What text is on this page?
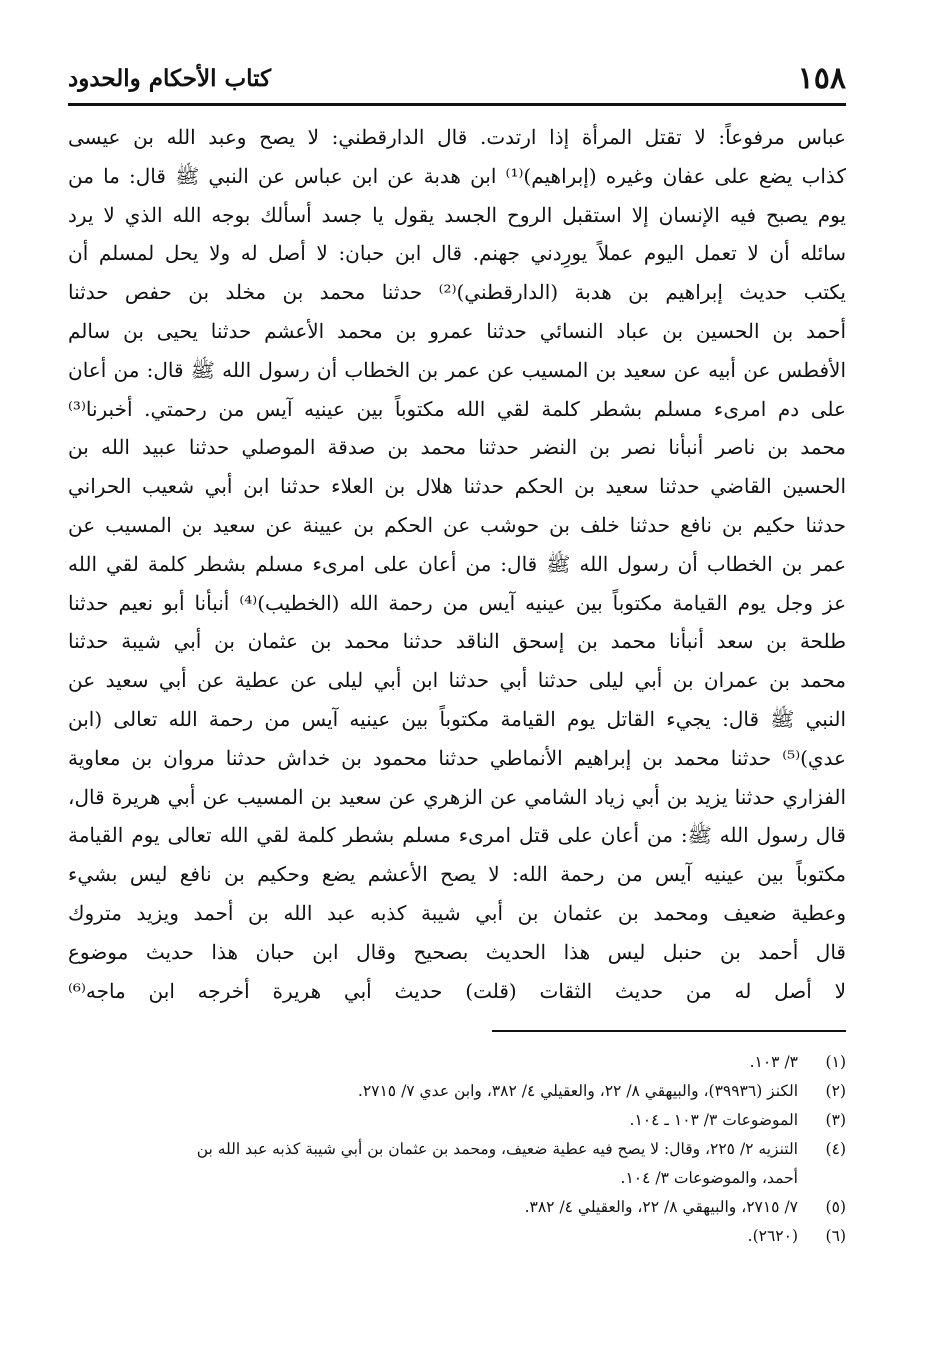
١٥٨
كتاب الأحكام والحدود
عباس مرفوعاً: لا تقتل المرأة إذا ارتدت. قال الدارقطني: لا يصح وعبد الله بن عيسى
كذاب يضع على عفان وغيره (إبراهيم)⁽¹⁾ ابن هدبة عن ابن عباس عن النبي ﷺ قال: ما من
يوم يصبح فيه الإنسان إلا استقبل الروح الجسد يقول يا جسد أسألك بوجه الله الذي لا يرد
سائله أن لا تعمل اليوم عملاً يورِدني جهنم. قال ابن حبان: لا أصل له ولا يحل لمسلم أن
يكتب حديث إبراهيم بن هدبة (الدارقطني)⁽²⁾ حدثنا محمد بن مخلد بن حفص حدثنا
أحمد بن الحسين بن عباد النسائي حدثنا عمرو بن محمد الأعشم حدثنا يحيى بن سالم
الأفطس عن أبيه عن سعيد بن المسيب عن عمر بن الخطاب أن رسول الله ﷺ قال: من أعان
على دم امرىء مسلم بشطر كلمة لقي الله مكتوباً بين عينيه آيس من رحمتي. أخبرنا⁽³⁾
محمد بن ناصر أنبأنا نصر بن النضر حدثنا محمد بن صدقة الموصلي حدثنا عبيد الله بن
الحسين القاضي حدثنا سعيد بن الحكم حدثنا هلال بن العلاء حدثنا ابن أبي شعيب الحراني
حدثنا حكيم بن نافع حدثنا خلف بن حوشب عن الحكم بن عيينة عن سعيد بن المسيب عن
عمر بن الخطاب أن رسول الله ﷺ قال: من أعان على امرىء مسلم بشطر كلمة لقي الله
عز وجل يوم القيامة مكتوباً بين عينيه آيس من رحمة الله (الخطيب)⁽⁴⁾ أنبأنا أبو نعيم حدثنا
طلحة بن سعد أنبأنا محمد بن إسحق الناقد حدثنا محمد بن عثمان بن أبي شيبة حدثنا
محمد بن عمران بن أبي ليلى حدثنا أبي حدثنا ابن أبي ليلى عن عطية عن أبي سعيد عن
النبي ﷺ قال: يجيء القاتل يوم القيامة مكتوباً بين عينيه آيس من رحمة الله تعالى (ابن
عدي)⁽⁵⁾ حدثنا محمد بن إبراهيم الأنماطي حدثنا محمود بن خداش حدثنا مروان بن معاوية
الفزاري حدثنا يزيد بن أبي زياد الشامي عن الزهري عن سعيد بن المسيب عن أبي هريرة قال،
قال رسول الله ﷺ: من أعان على قتل امرىء مسلم بشطر كلمة لقي الله تعالى يوم القيامة
مكتوباً بين عينيه آيس من رحمة الله: لا يصح الأعشم يضع وحكيم بن نافع ليس بشيء
وعطية ضعيف ومحمد بن عثمان بن أبي شيبة كذبه عبد الله بن أحمد ويزيد متروك
قال أحمد بن حنبل ليس هذا الحديث بصحيح وقال ابن حبان هذا حديث موضوع
لا أصل له من حديث الثقات (قلت) حديث أبي هريرة أخرجه ابن ماجه⁽⁶⁾
(١)
٣/ ١٠٣.
(٢)
الكنز (٣٩٩٣٦)، والبيهقي ٨/ ٢٢، والعقيلي ٤/ ٣٨٢، وابن عدي ٧/ ٢٧١٥.
(٣)
الموضوعات ٣/ ١٠٣ ـ ١٠٤.
(٤)
التنزيه ٢/ ٢٢٥، وقال: لا يصح فيه عطية ضعيف، ومحمد بن عثمان بن أبي شيبة كذبه عبد الله بن
أحمد، والموضوعات ٣/ ١٠٤.
(٥)
٧/ ٢٧١٥، والبيهقي ٨/ ٢٢، والعقيلي ٤/ ٣٨٢.
(٦)
(٢٦٢٠).
